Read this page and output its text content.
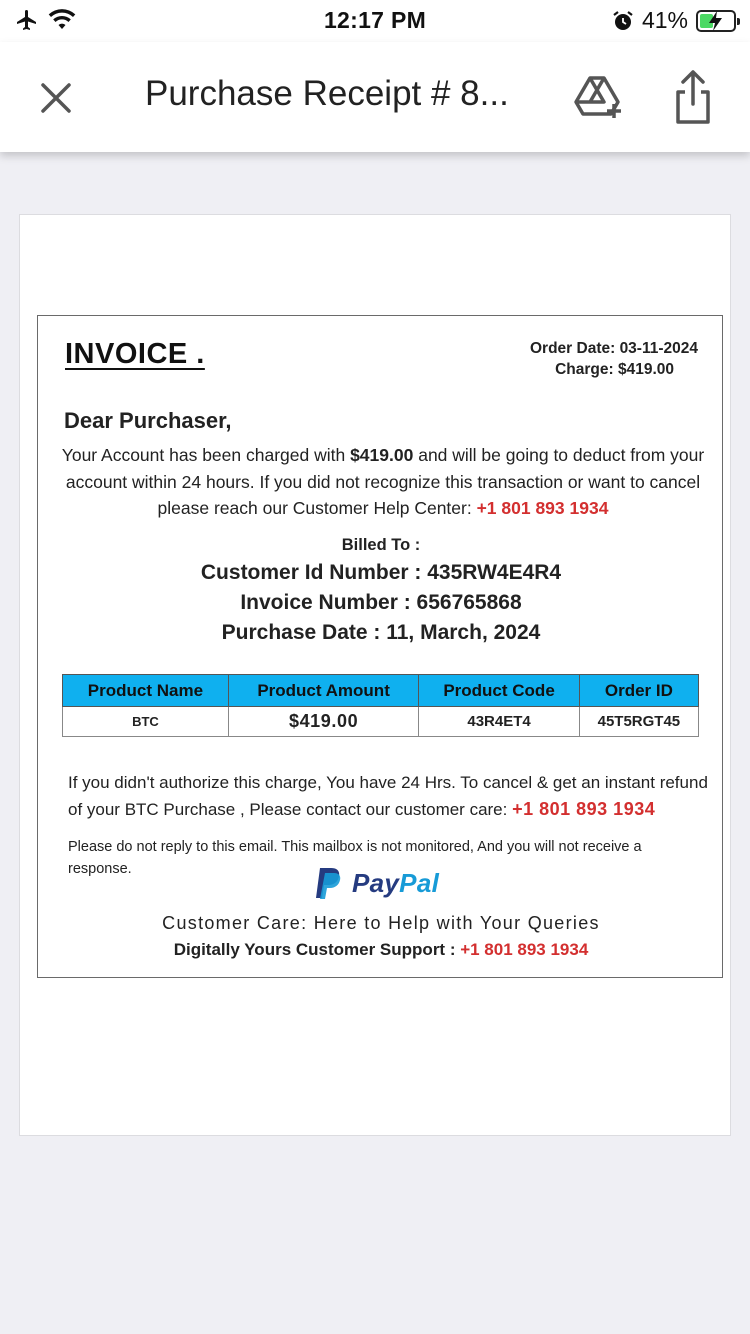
12:17 PM	41%
Purchase Receipt # 8...
INVOICE .	Order Date: 03-11-2024
Charge: $419.00
Dear Purchaser,
Your Account has been charged with $419.00 and will be going to deduct from your account within 24 hours. If you did not recognize this transaction or want to cancel please reach our Customer Help Center: +1 801 893 1934
Billed To :
Customer Id Number : 435RW4E4R4
Invoice Number : 656765868
Purchase Date : 11, March, 2024
Product Name	Product Amount	Product Code	Order ID
BTC	$419.00	43R4ET4	45T5RGT45
If you didn't authorize this charge, You have 24 Hrs. To cancel & get an instant refund of your BTC Purchase , Please contact our customer care: +1 801 893 1934
Please do not reply to this email. This mailbox is not monitored, And you will not receive a response.	PayPal
Customer Care: Here to Help with Your Queries
Digitally Yours Customer Support : +1 801 893 1934
